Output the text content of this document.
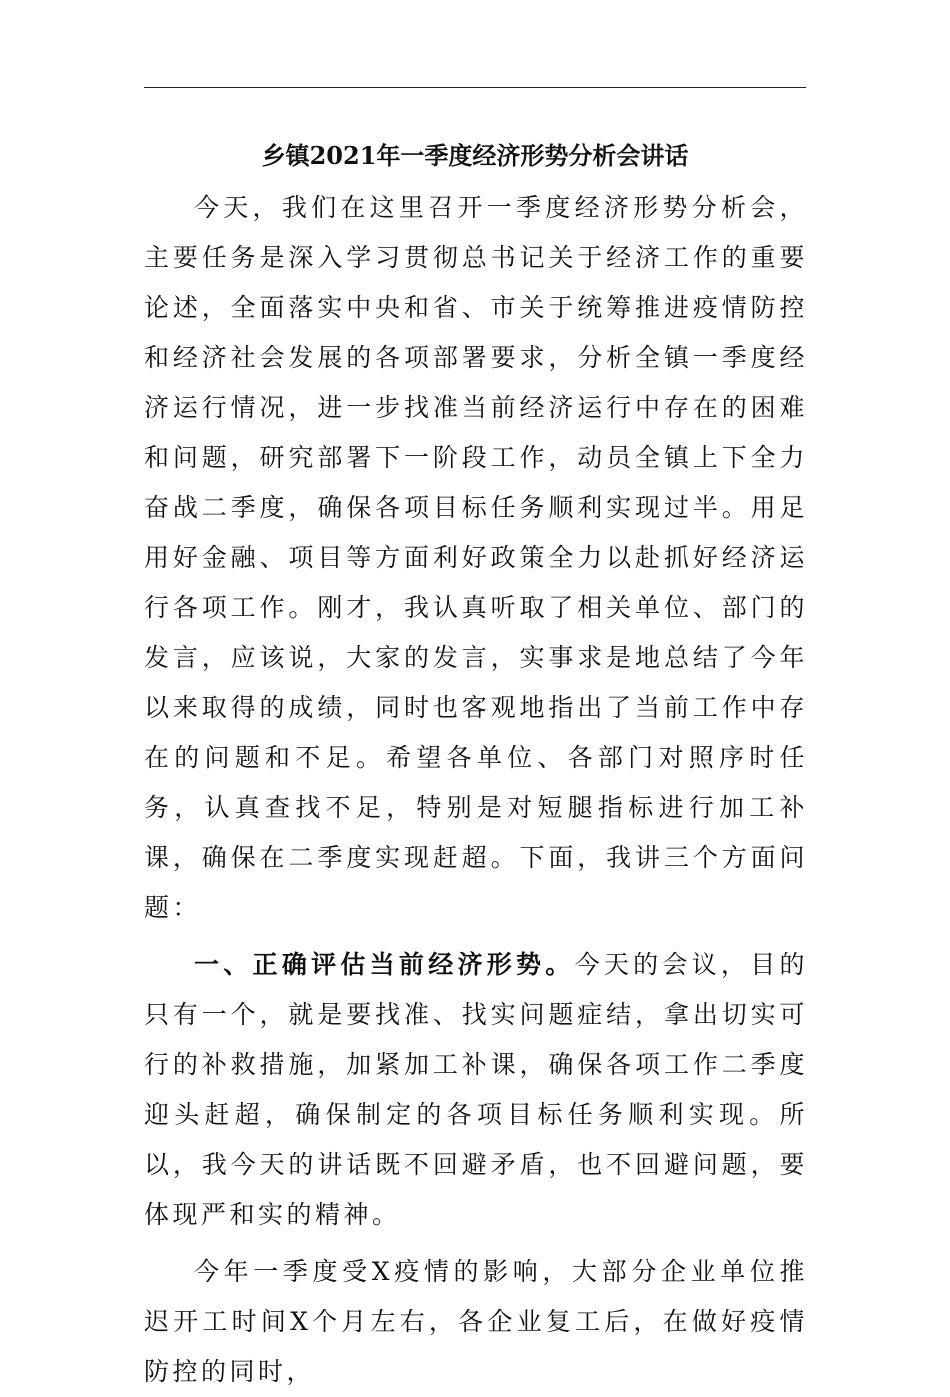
乡镇2021年一季度经济形势分析会讲话

今天，我们在这里召开一季度经济形势分析会，主要任务是深入学习贯彻总书记关于经济工作的重要论述，全面落实中央和省、市关于统筹推进疫情防控和经济社会发展的各项部署要求，分析全镇一季度经济运行情况，进一步找准当前经济运行中存在的困难和问题，研究部署下一阶段工作，动员全镇上下全力奋战二季度，确保各项目标任务顺利实现过半。用足用好金融、项目等方面利好政策全力以赴抓好经济运行各项工作。刚才，我认真听取了相关单位、部门的发言，应该说，大家的发言，实事求是地总结了今年以来取得的成绩，同时也客观地指出了当前工作中存在的问题和不足。希望各单位、各部门对照序时任务，认真查找不足，特别是对短腿指标进行加工补课，确保在二季度实现赶超。下面，我讲三个方面问题：

一、正确评估当前经济形势。今天的会议，目的只有一个，就是要找准、找实问题症结，拿出切实可行的补救措施，加紧加工补课，确保各项工作二季度迎头赶超，确保制定的各项目标任务顺利实现。所以，我今天的讲话既不回避矛盾，也不回避问题，要体现严和实的精神。

今年一季度受X疫情的影响，大部分企业单位推迟开工时间X个月左右，各企业复工后，在做好疫情防控的同时，
